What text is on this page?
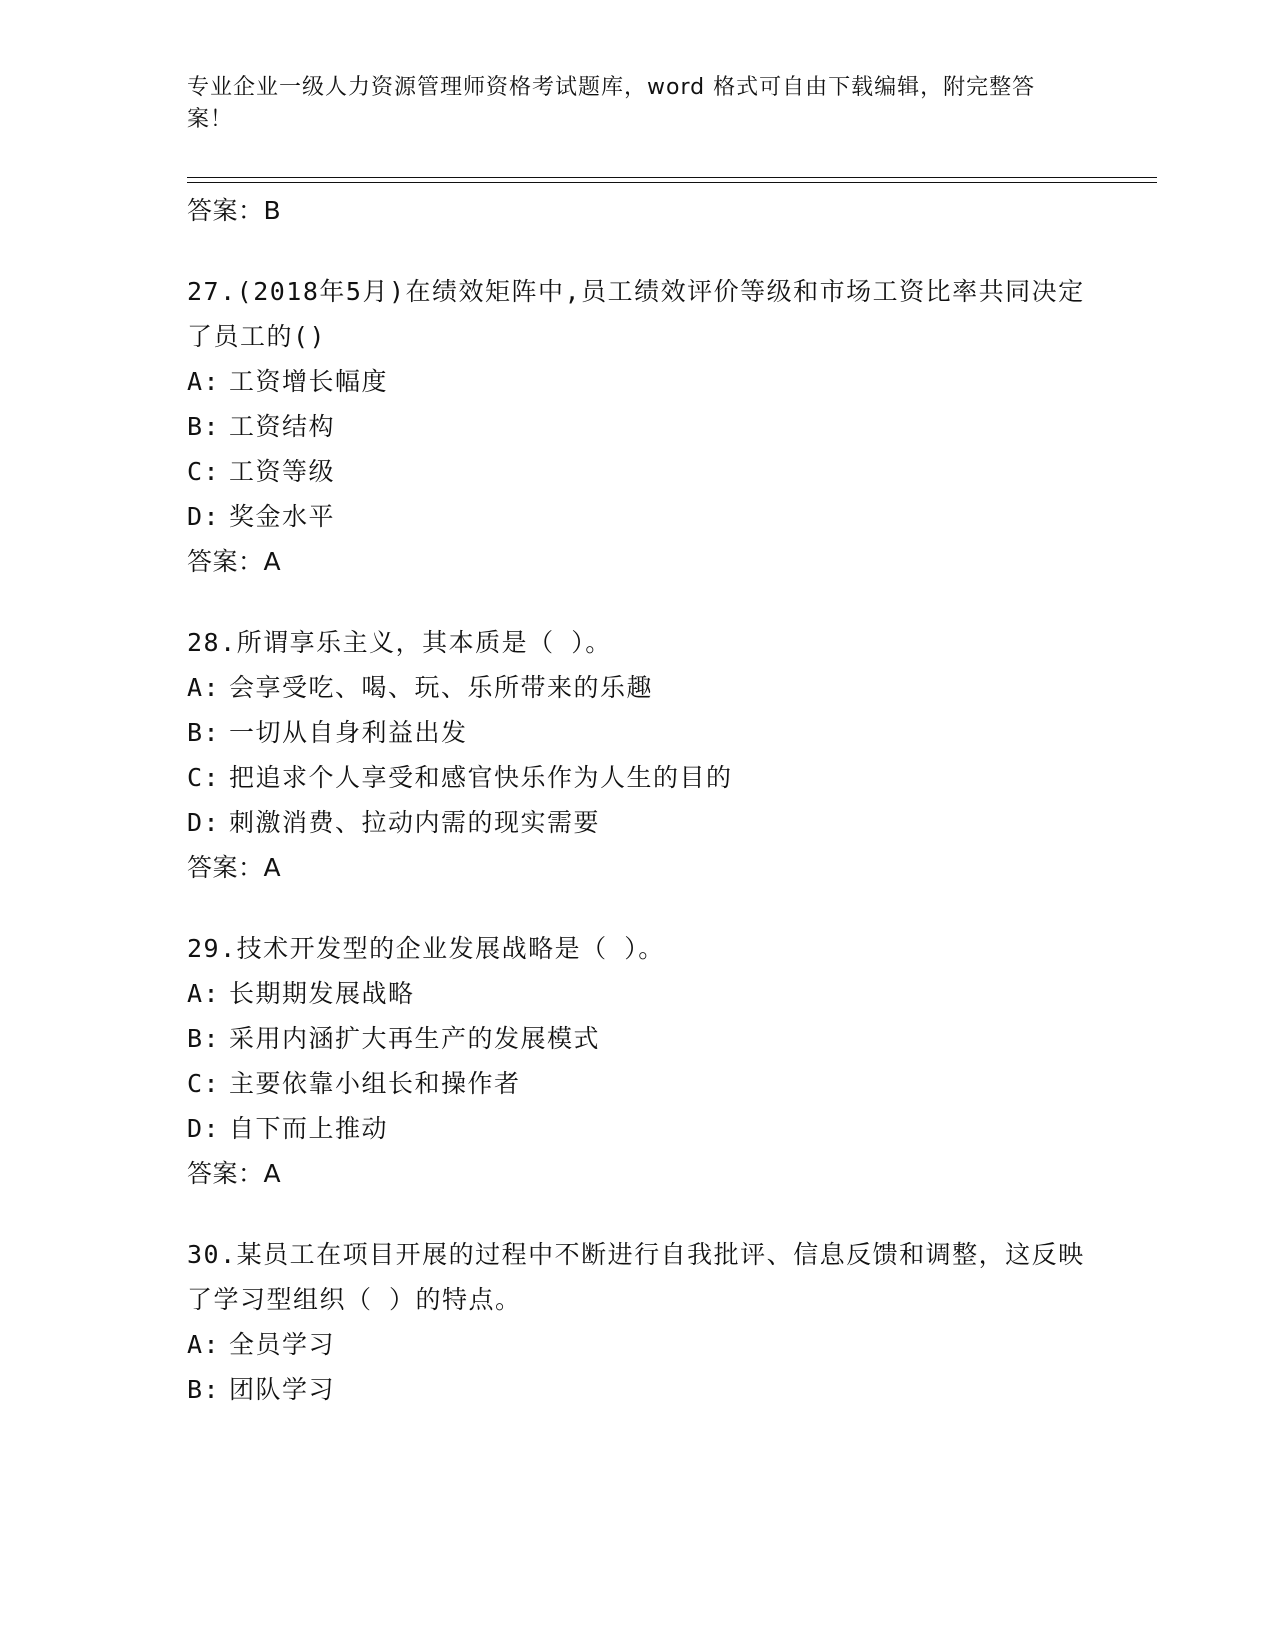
专业企业一级人力资源管理师资格考试题库，word 格式可自由下载编辑，附完整答案！
答案：B
27.(2018年5月)在绩效矩阵中,员工绩效评价等级和市场工资比率共同决定了员工的()
A: 工资增长幅度
B: 工资结构
C: 工资等级
D: 奖金水平
答案：A
28.所谓享乐主义，其本质是（ ）。
A: 会享受吃、喝、玩、乐所带来的乐趣
B: 一切从自身利益出发
C: 把追求个人享受和感官快乐作为人生的目的
D: 刺激消费、拉动内需的现实需要
答案：A
29.技术开发型的企业发展战略是（ ）。
A: 长期期发展战略
B: 采用内涵扩大再生产的发展模式
C: 主要依靠小组长和操作者
D: 自下而上推动
答案：A
30.某员工在项目开展的过程中不断进行自我批评、信息反馈和调整，这反映了学习型组织（ ）的特点。
A: 全员学习
B: 团队学习
